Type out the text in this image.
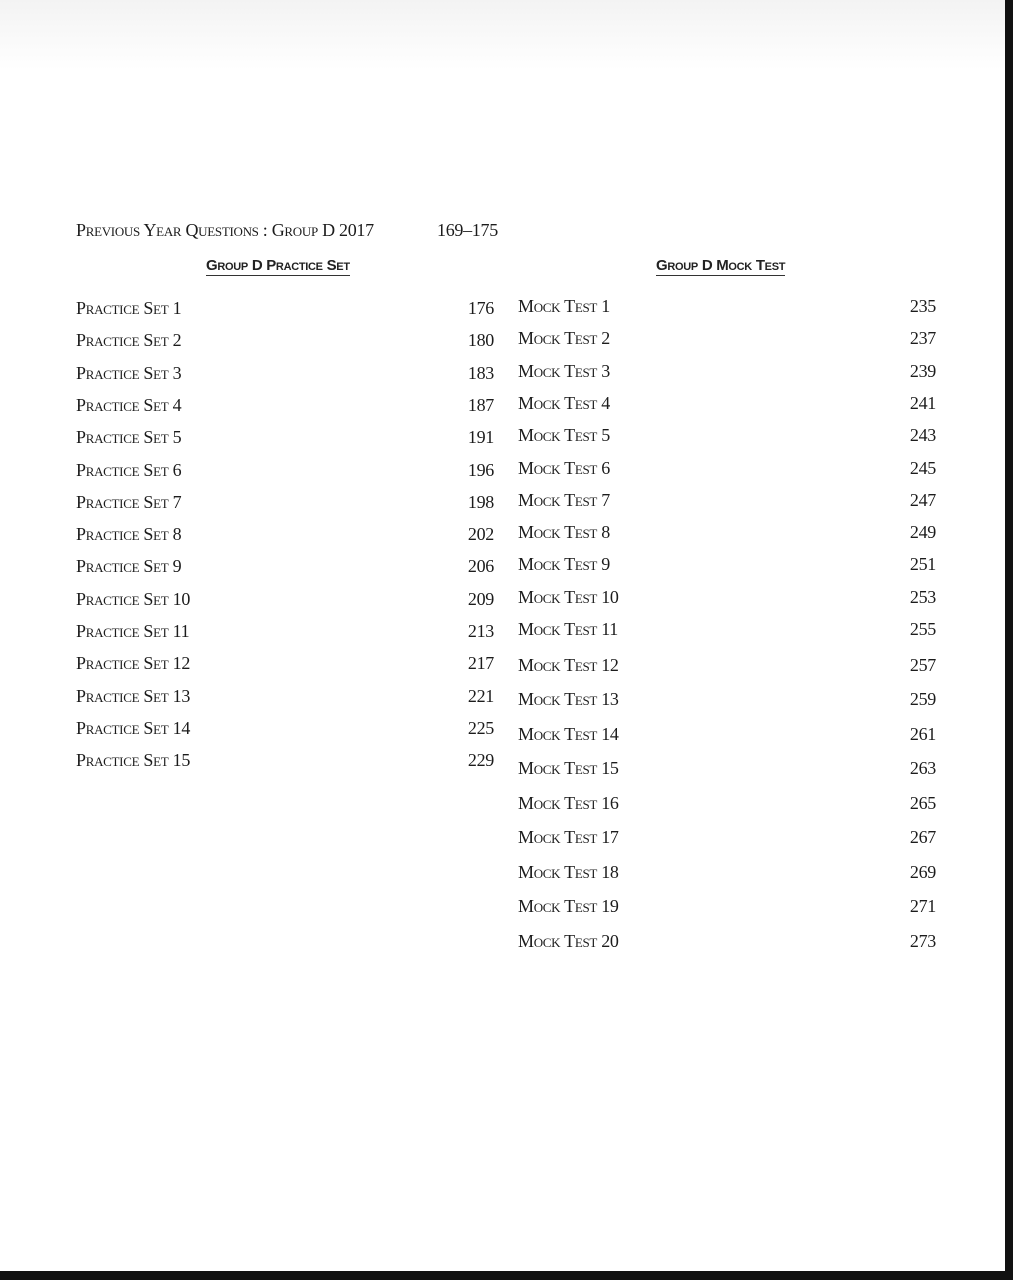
Previous Year Questions : Group D 2017	169–175
Group D Practice Set	Group D Mock Test
Practice Set 1	176
Practice Set 2	180
Practice Set 3	183
Practice Set 4	187
Practice Set 5	191
Practice Set 6	196
Practice Set 7	198
Practice Set 8	202
Practice Set 9	206
Practice Set 10	209
Practice Set 11	213
Practice Set 12	217
Practice Set 13	221
Practice Set 14	225
Practice Set 15	229
Mock Test 1	235
Mock Test 2	237
Mock Test 3	239
Mock Test 4	241
Mock Test 5	243
Mock Test 6	245
Mock Test 7	247
Mock Test 8	249
Mock Test 9	251
Mock Test 10	253
Mock Test 11	255
Mock Test 12	257
Mock Test 13	259
Mock Test 14	261
Mock Test 15	263
Mock Test 16	265
Mock Test 17	267
Mock Test 18	269
Mock Test 19	271
Mock Test 20	273
